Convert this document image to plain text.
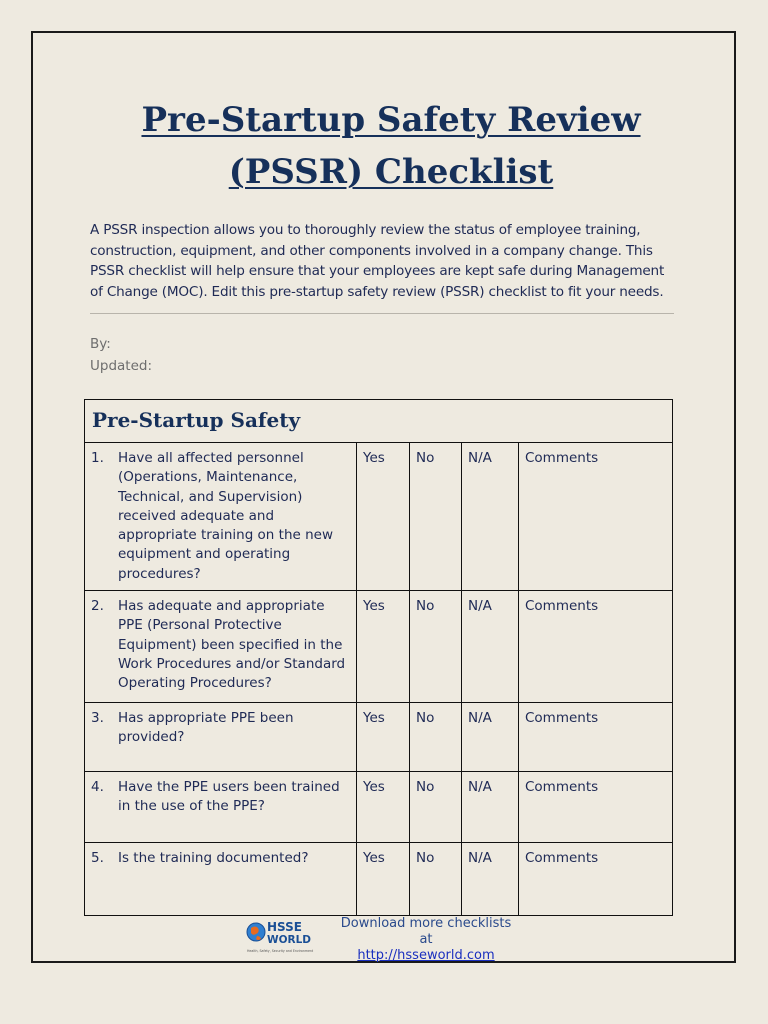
Pre-Startup Safety Review
(PSSR) Checklist

A PSSR inspection allows you to thoroughly review the status of employee training, construction, equipment, and other components involved in a company change. This PSSR checklist will help ensure that your employees are kept safe during Management of Change (MOC). Edit this pre-startup safety review (PSSR) checklist to fit your needs.

By:
Updated:
Pre-Startup Safety				

1. Have all affected personnel (Operations, Maintenance, Technical, and Supervision) received adequate and appropriate training on the new equipment and operating procedures?	Yes	No	N/A	Comments

2. Has adequate and appropriate PPE (Personal Protective Equipment) been specified in the Work Procedures and/or Standard Operating Procedures?	Yes	No	N/A	Comments

3. Has appropriate PPE been provided?	Yes	No	N/A	Comments

4. Have the PPE users been trained in the use of the PPE?	Yes	No	N/A	Comments

5. Is the training documented?	Yes	No	N/A	Comments
HSSE
WORLD
Health, Safety, Security and Environment
Download more checklists at
http://hsseworld.com
